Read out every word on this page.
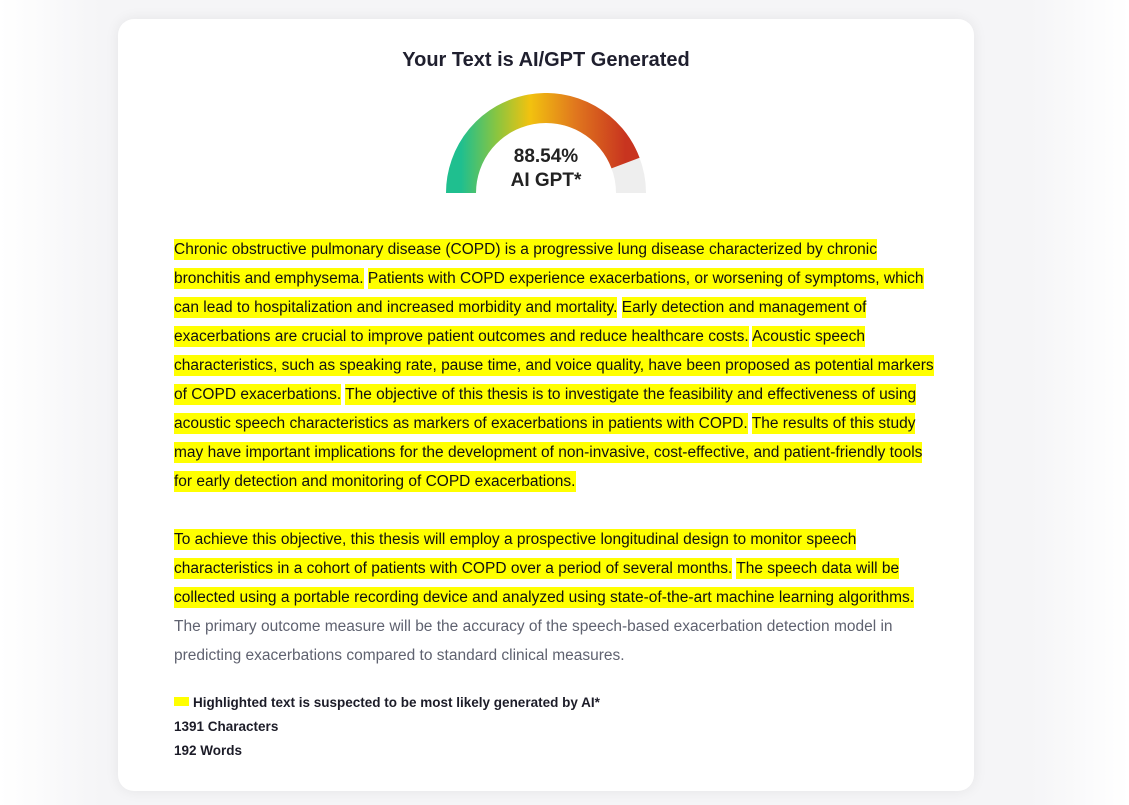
Your Text is AI/GPT Generated
88.54%
AI GPT*

Chronic obstructive pulmonary disease (COPD) is a progressive lung disease characterized by chronic bronchitis and emphysema. Patients with COPD experience exacerbations, or worsening of symptoms, which can lead to hospitalization and increased morbidity and mortality. Early detection and management of exacerbations are crucial to improve patient outcomes and reduce healthcare costs. Acoustic speech characteristics, such as speaking rate, pause time, and voice quality, have been proposed as potential markers of COPD exacerbations. The objective of this thesis is to investigate the feasibility and effectiveness of using acoustic speech characteristics as markers of exacerbations in patients with COPD. The results of this study may have important implications for the development of non-invasive, cost-effective, and patient-friendly tools for early detection and monitoring of COPD exacerbations.

To achieve this objective, this thesis will employ a prospective longitudinal design to monitor speech characteristics in a cohort of patients with COPD over a period of several months. The speech data will be collected using a portable recording device and analyzed using state-of-the-art machine learning algorithms. The primary outcome measure will be the accuracy of the speech-based exacerbation detection model in predicting exacerbations compared to standard clinical measures.

Highlighted text is suspected to be most likely generated by AI*
1391 Characters
192 Words
